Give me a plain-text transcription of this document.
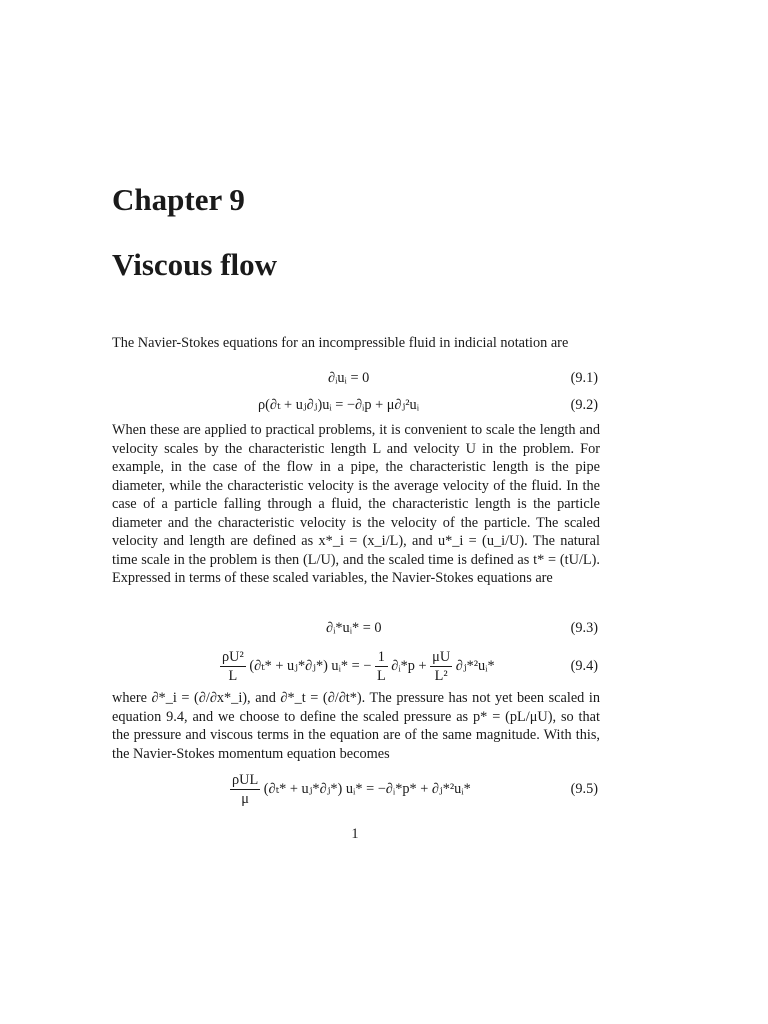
Chapter 9
Viscous flow
The Navier-Stokes equations for an incompressible fluid in indicial notation are
∂ᵢuᵢ = 0	(9.1)
ρ(∂ₜ + uⱼ∂ⱼ)uᵢ = −∂ᵢp + μ∂ⱼ²uᵢ	(9.2)
When these are applied to practical problems, it is convenient to scale the length and velocity scales by the characteristic length L and velocity U in the problem. For example, in the case of the flow in a pipe, the characteristic length is the pipe diameter, while the characteristic velocity is the average velocity of the fluid. In the case of a particle falling through a fluid, the characteristic length is the particle diameter and the characteristic velocity is the velocity of the particle. The scaled velocity and length are defined as x*_i = (x_i/L), and u*_i = (u_i/U). The natural time scale in the problem is then (L/U), and the scaled time is defined as t* = (tU/L). Expressed in terms of these scaled variables, the Navier-Stokes equations are
∂ᵢ*uᵢ* = 0	(9.3)
$\frac{\text{ρU²}}{L} (\partial_t*$ + uⱼ*∂ⱼ*) uᵢ* = − $\frac{1}{L}$ ∂ᵢ*p + $\frac{\mu U}{\text{L²}}$ ∂ⱼ*²uᵢ*	(9.4)
where ∂*_i = (∂/∂x*_i), and ∂*_t = (∂/∂t*). The pressure has not yet been scaled in equation 9.4, and we choose to define the scaled pressure as p* = (pL/μU), so that the pressure and viscous terms in the equation are of the same magnitude. With this, the Navier-Stokes momentum equation becomes
$\frac{\text{ρUL}}{\mu} (\partial_t*$ + uⱼ*∂ⱼ*) uᵢ* = −∂ᵢ*p* + ∂ⱼ*²uᵢ*	(9.5)
1
